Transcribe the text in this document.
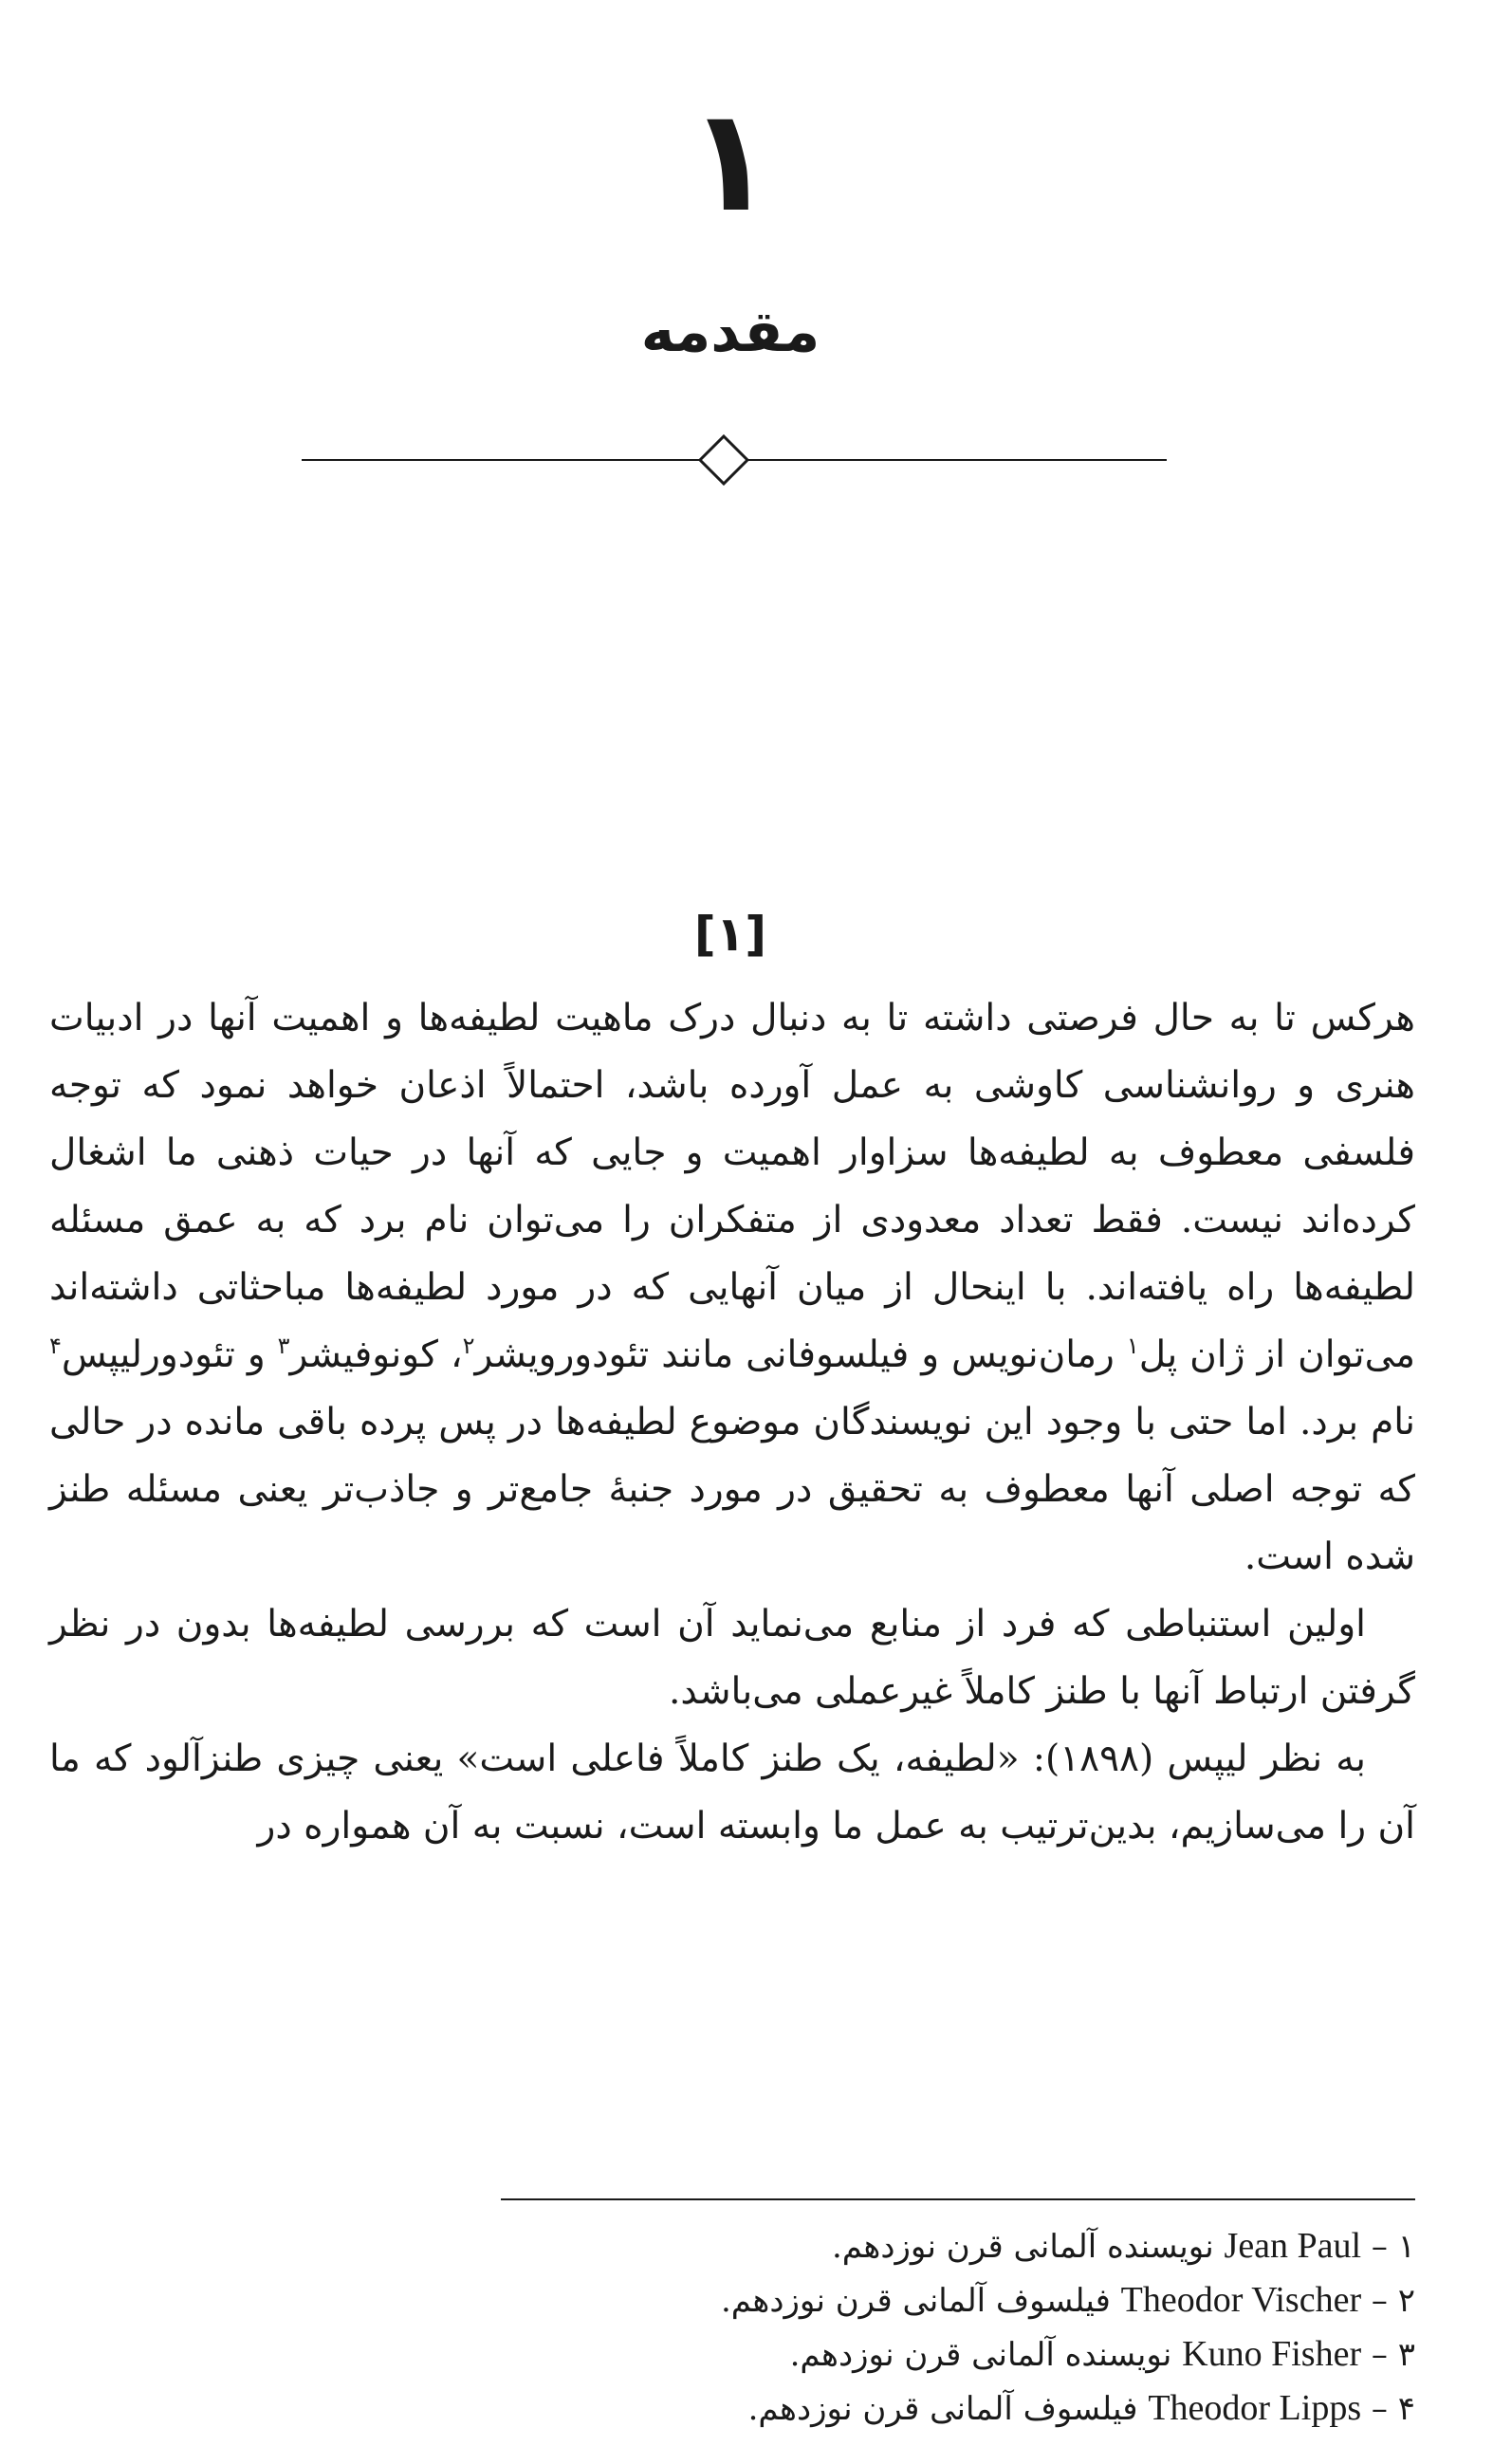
۱
مقدمه
[۱]

هرکس تا به حال فرصتی داشته تا به دنبال درک ماهیت لطیفه‌ها و اهمیت آنها در ادبیات هنری و روانشناسی کاوشی به عمل آورده باشد، احتمالاً اذعان خواهد نمود که توجه فلسفی معطوف به لطیفه‌ها سزاوار اهمیت و جایی که آنها در حیات ذهنی ما اشغال کرده‌اند نیست. فقط تعداد معدودی از متفکران را می‌توان نام برد که به عمق مسئله لطیفه‌ها راه یافته‌اند. با اینحال از میان آنهایی که در مورد لطیفه‌ها مباحثاتی داشته‌اند می‌توان از ژان پل$^۱$ رمان‌نویس و فیلسوفانی مانند تئودورویشر$^۲$، کونوفیشر$^۳$ و تئودورلیپس$^۴$ نام برد. اما حتی با وجود این نویسندگان موضوع لطیفه‌ها در پس پرده باقی مانده در حالی که توجه اصلی آنها معطوف به تحقیق در مورد جنبهٔ جامع‌تر و جاذب‌تر یعنی مسئله طنز شده است.

اولین استنباطی که فرد از منابع می‌نماید آن است که بررسی لطیفه‌ها بدون در نظر گرفتن ارتباط آنها با طنز کاملاً غیرعملی می‌باشد.

به نظر لیپس (۱۸۹۸): «لطیفه، یک طنز کاملاً فاعلی است» یعنی چیزی طنزآلود که ما آن را می‌سازیم، بدین‌ترتیب به عمل ما وابسته است، نسبت به آن همواره در

۱ – Jean Paul نویسنده آلمانی قرن نوزدهم.
۲ – Theodor Vischer فیلسوف آلمانی قرن نوزدهم.
۳ – Kuno Fisher نویسنده آلمانی قرن نوزدهم.
۴ – Theodor Lipps فیلسوف آلمانی قرن نوزدهم.
